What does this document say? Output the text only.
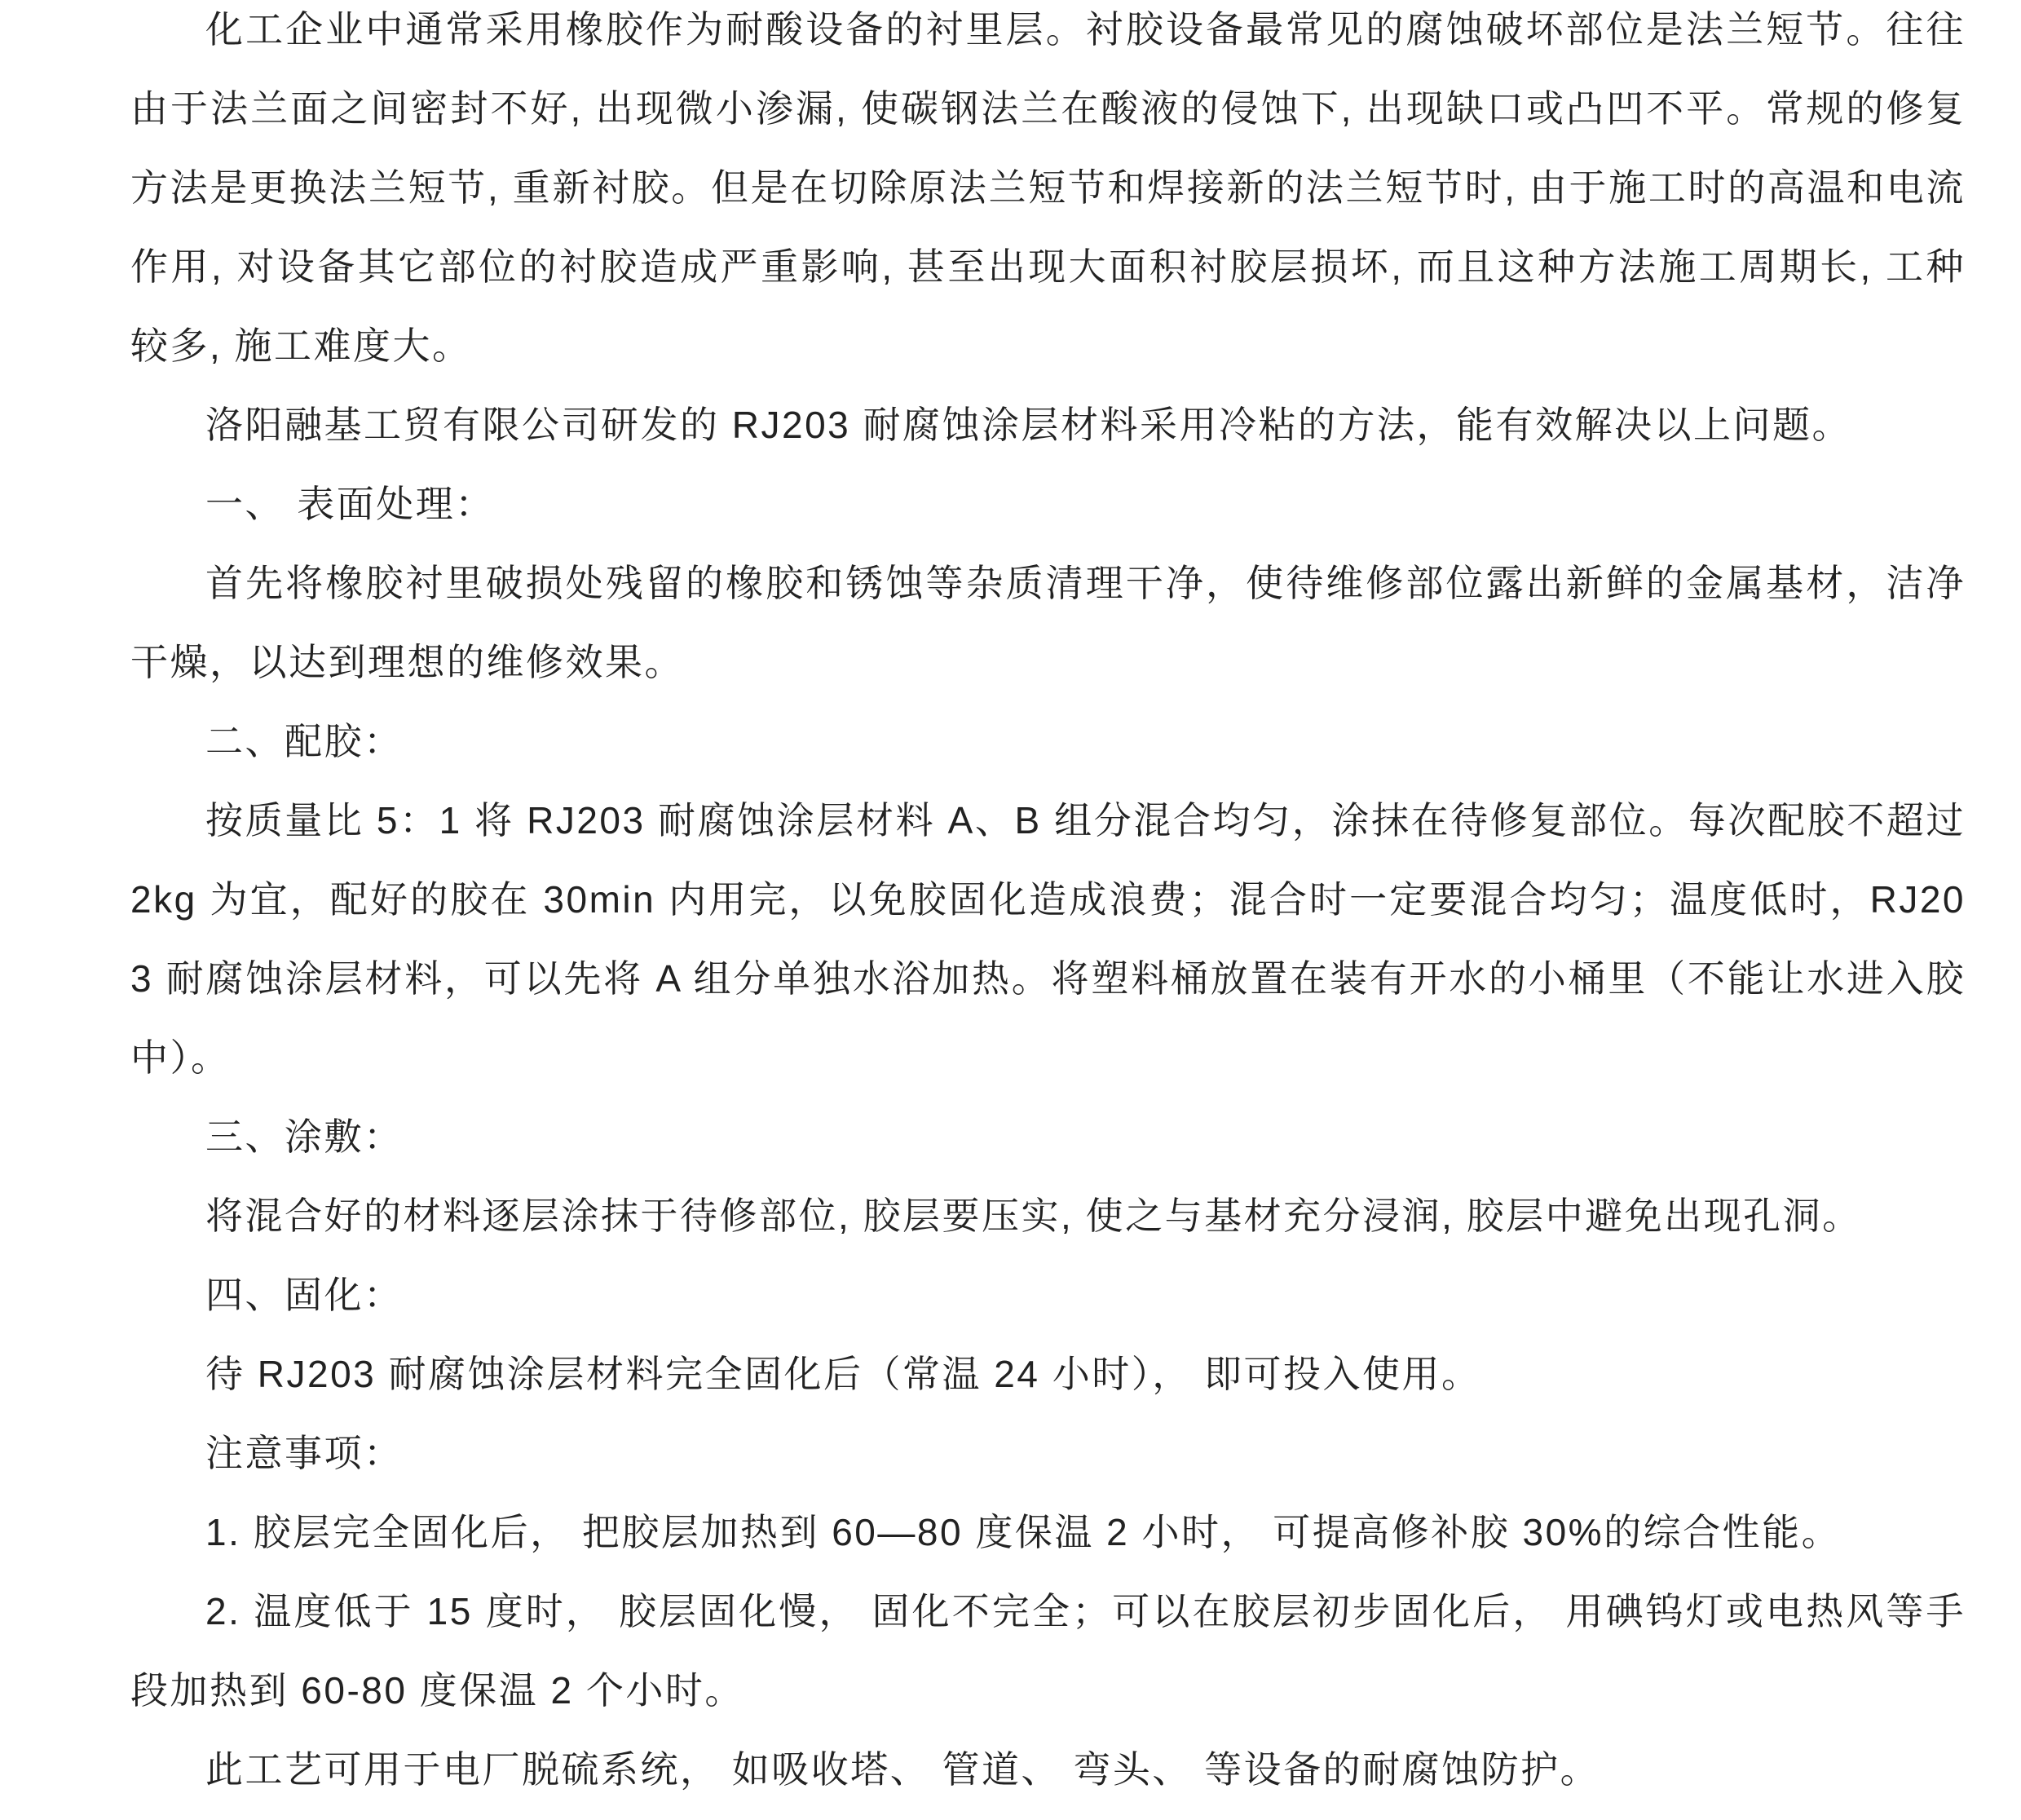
化工企业中通常采用橡胶作为耐酸设备的衬里层。衬胶设备最常见的腐蚀破坏部位是法兰短节。往往由于法兰面之间密封不好, 出现微小渗漏, 使碳钢法兰在酸液的侵蚀下, 出现缺口或凸凹不平。常规的修复方法是更换法兰短节, 重新衬胶。但是在切除原法兰短节和焊接新的法兰短节时, 由于施工时的高温和电流作用, 对设备其它部位的衬胶造成严重影响, 甚至出现大面积衬胶层损坏, 而且这种方法施工周期长, 工种较多, 施工难度大。

洛阳融基工贸有限公司研发的 RJ203 耐腐蚀涂层材料采用冷粘的方法，能有效解决以上问题。

一、 表面处理：

首先将橡胶衬里破损处残留的橡胶和锈蚀等杂质清理干净，使待维修部位露出新鲜的金属基材，洁净干燥，以达到理想的维修效果。

二、配胶：

按质量比 5：1 将 RJ203 耐腐蚀涂层材料 A、B 组分混合均匀，涂抹在待修复部位。每次配胶不超过 2kg 为宜，配好的胶在 30min 内用完，以免胶固化造成浪费；混合时一定要混合均匀；温度低时，RJ203 耐腐蚀涂层材料，可以先将 A 组分单独水浴加热。将塑料桶放置在装有开水的小桶里（不能让水进入胶中）。

三、涂敷：

将混合好的材料逐层涂抹于待修部位, 胶层要压实, 使之与基材充分浸润, 胶层中避免出现孔洞。

四、固化：

待 RJ203 耐腐蚀涂层材料完全固化后（常温 24 小时）， 即可投入使用。

注意事项：

1. 胶层完全固化后， 把胶层加热到 60—80 度保温 2 小时， 可提高修补胶 30%的综合性能。

2. 温度低于 15 度时， 胶层固化慢， 固化不完全；可以在胶层初步固化后， 用碘钨灯或电热风等手段加热到 60-80 度保温 2 个小时。

此工艺可用于电厂脱硫系统， 如吸收塔、 管道、 弯头、 等设备的耐腐蚀防护。
